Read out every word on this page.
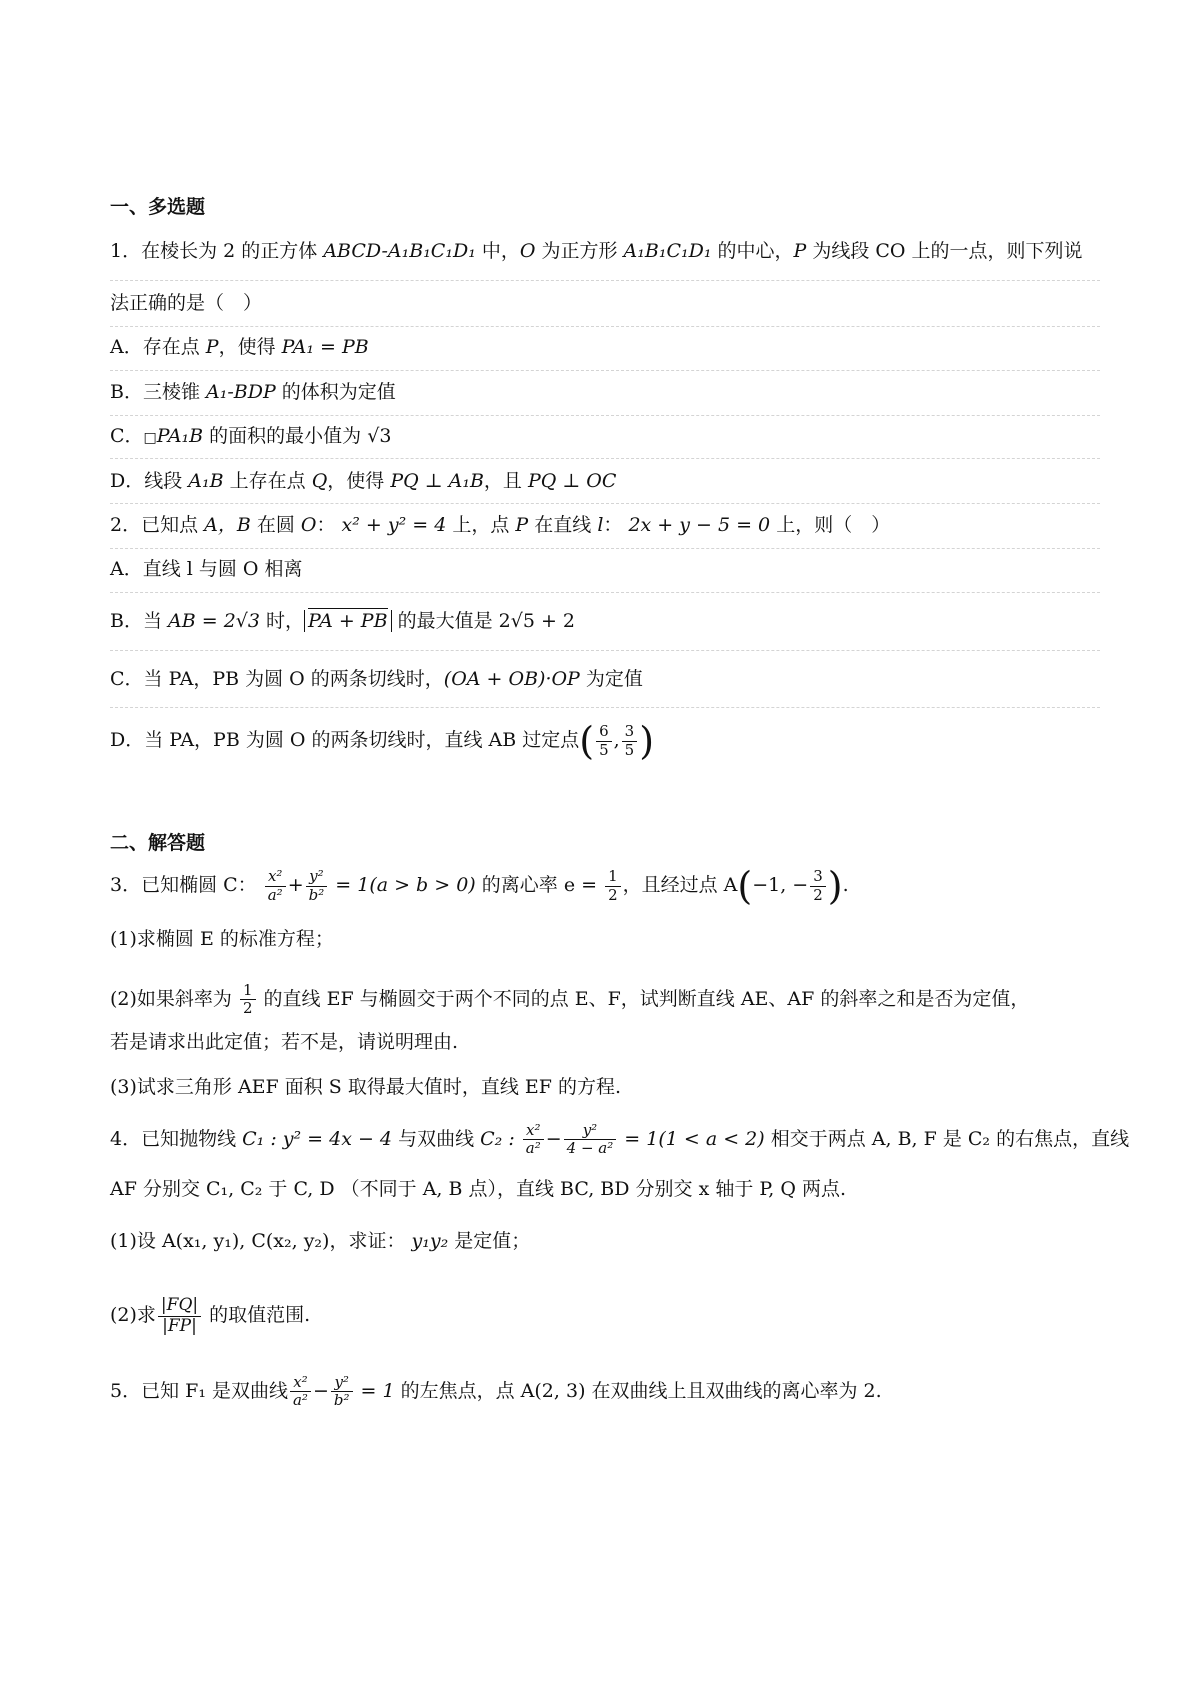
一、多选题
1．在棱长为 2 的正方体 ABCD-A₁B₁C₁D₁ 中，O 为正方形 A₁B₁C₁D₁ 的中心，P 为线段 CO 上的一点，则下列说
法正确的是（　）
A．存在点 P，使得 PA₁ = PB
B．三棱锥 A₁-BDP 的体积为定值
C．□PA₁B 的面积的最小值为 √3
D．线段 A₁B 上存在点 Q，使得 PQ ⊥ A₁B，且 PQ ⊥ OC
2．已知点 A，B 在圆 O： x² + y² = 4 上，点 P 在直线 l： 2x + y − 5 = 0 上，则（　）
A．直线 l 与圆 O 相离
B．当 AB = 2√3 时， PA + PB 的最大值是 2√5 + 2
C．当 PA，PB 为圆 O 的两条切线时，(OA + OB)·OP 为定值
D．当 PA，PB 为圆 O 的两条切线时，直线 AB 过定点( $\frac{6}{5}$ , $\frac{3}{5}$ )
二、解答题
3．已知椭圆 C： $\frac{\text{x²}}{\text{a²}} + \frac{\text{y²}}{\text{b²}} = 1(a > b > 0)$ 的离心率 $e = \frac{1}{2}$ ，且经过点 A(−1, − $\frac{3}{2}$ ).
(1)求椭圆 E 的标准方程；
(2)如果斜率为 $\frac{1}{2}$ 的直线 EF 与椭圆交于两个不同的点 E、F，试判断直线 AE、AF 的斜率之和是否为定值，
若是请求出此定值；若不是，请说明理由.
(3)试求三角形 AEF 面积 S 取得最大值时，直线 EF 的方程.
4．已知抛物线 C₁ : y² = 4x − 4 与双曲线 C₂ : $\frac{\text{x²}}{\text{a²}} - \frac{\text{y²}}{\text{4 − a²}} = 1(1 < a < 2)$ 相交于两点 A, B, F 是 C₂ 的右焦点，直线
AF 分别交 C₁, C₂ 于 C, D （不同于 A, B 点），直线 BC, BD 分别交 x 轴于 P, Q 两点.
(1)设 A(x₁, y₁), C(x₂, y₂)，求证： y₁y₂ 是定值；
(2)求 $\frac{|FQ|}{|FP|}$ 的取值范围.
5．已知 F₁ 是双曲线 $\frac{\text{x²}}{\text{a²}} - \frac{\text{y²}}{\text{b²}} = 1$ 的左焦点，点 A(2, 3) 在双曲线上且双曲线的离心率为 2.
